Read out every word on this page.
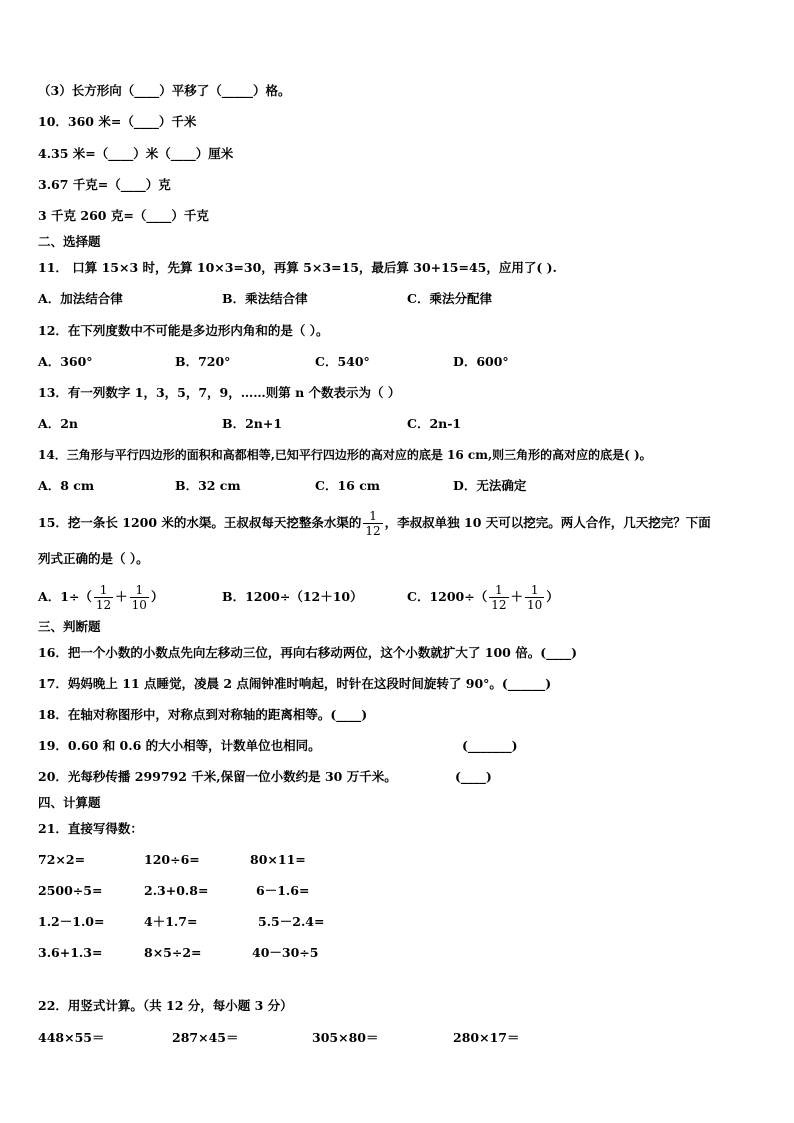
（3）长方形向（____）平移了（_____）格。
10．360 米=（____）千米
4.35 米=（____）米（____）厘米
3.67 千克=（____）克
3 千克 260 克=（____）千克
二、选择题
11． 口算 15×3 时，先算 10×3=30，再算 5×3=15，最后算 30+15=45，应用了( ).
A．加法结合律	B．乘法结合律	C．乘法分配律
12．在下列度数中不可能是多边形内角和的是（ ）。
A．360°	B．720°	C．540°	D．600°
13．有一列数字 1，3，5，7，9，……则第 n 个数表示为（ ）
A．2n	B．2n+1	C．2n-1
14．三角形与平行四边形的面积和高都相等,已知平行四边形的高对应的底是 16 cm,则三角形的高对应的底是( )。
A．8 cm	B．32 cm	C．16 cm	D．无法确定
15．挖一条长 1200 米的水渠。王叔叔每天挖整条水渠的 $\frac{1}{12}$ ，李叔叔单独 10 天可以挖完。两人合作，几天挖完？下面
列式正确的是（ ）。
A．$1\div( \frac{1}{12} + \frac{1}{10}$ ）	B．1200÷（12＋10）	C．$1200\div( \frac{1}{12} + \frac{1}{10}$ ）
三、判断题
16．把一个小数的小数点先向左移动三位，再向右移动两位，这个小数就扩大了 100 倍。(____)
17．妈妈晚上 11 点睡觉，凌晨 2 点闹钟准时响起，时针在这段时间旋转了 90°。(______)
18．在轴对称图形中，对称点到对称轴的距离相等。(____)
19．0.60 和 0.6 的大小相等，计数单位也相同。	(_______)
20．光每秒传播 299792 千米,保留一位小数约是 30 万千米。	(____)
四、计算题
21．直接写得数：
72×2=	120÷6=	80×11=
2500÷5=	2.3+0.8=	6－1.6=
1.2－1.0=	4＋1.7=	5.5－2.4=
3.6+1.3=	8×5÷2=	40－30÷5
22．用竖式计算。（共 12 分，每小题 3 分）
448×55＝	287×45＝	305×80＝	280×17＝
